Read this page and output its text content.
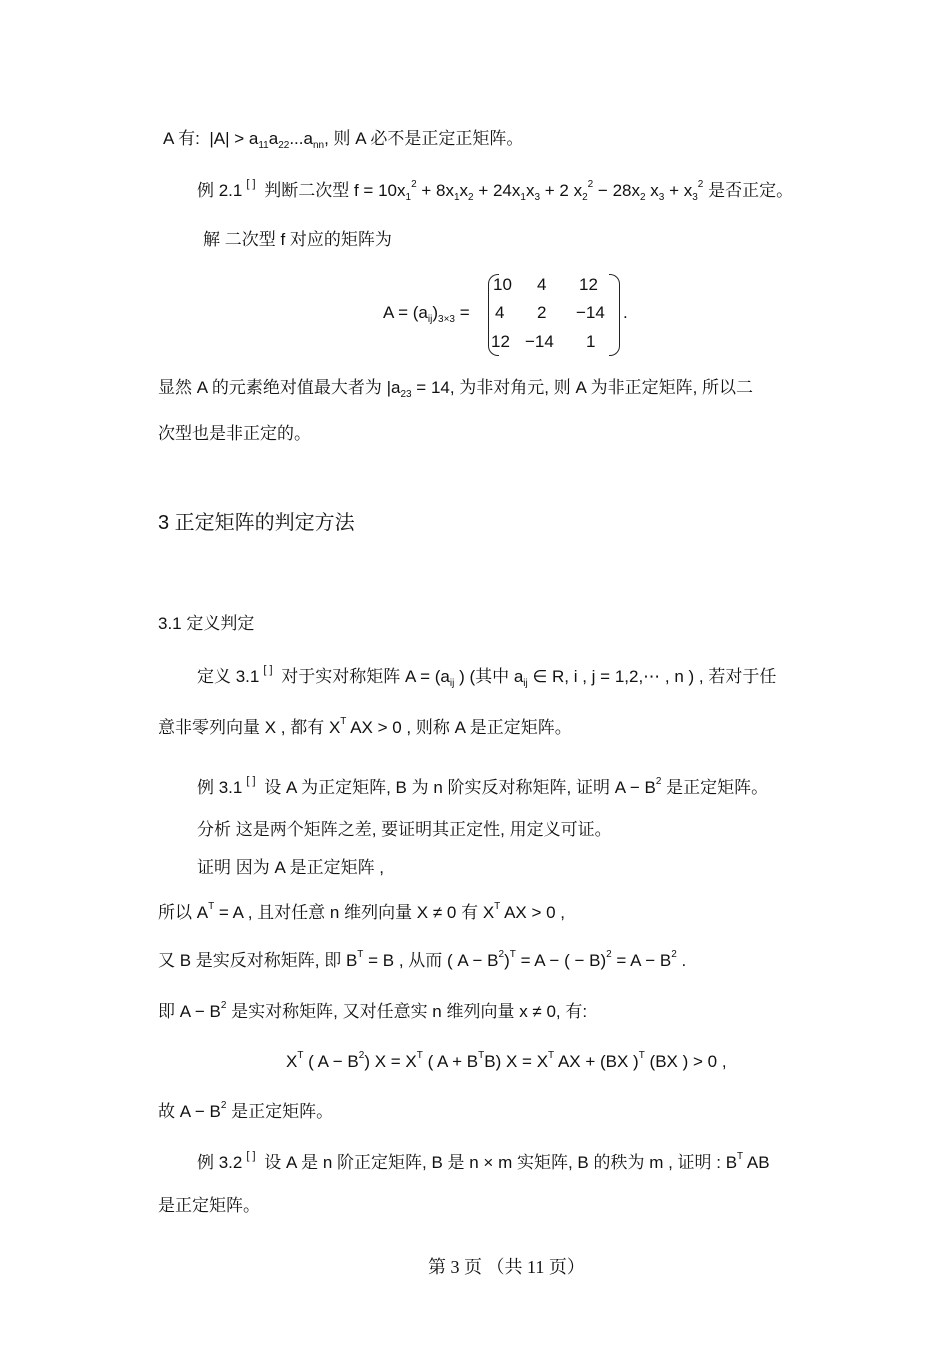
A 有: $|A| > a_{11}a_{22}...a_{nn}$, 则 A 必不是正定正矩阵。
例 2.1 [ ] 判断二次型 $f = 10x_1^2 + 8x_1x_2 + 24x_1x_3 + 2$ $x_2^2 - 28x_2$ $x_3 + x_3^2$ 是否正定。
解 二次型 f 对应的矩阵为
$A = (a_{ij})_{3\times 3}$ =
10	4	12
4	2	−14
12 −14	1
.
显然 A 的元素绝对值最大者为 $|a_{23} = 14$, 为非对角元, 则 A 为非正定矩阵, 所以二
次型也是非正定的。
3 正定矩阵的判定方法
3.1 定义判定
定义 3.1 [ ] 对于实对称矩阵 $A = (a_{ij}$ ) (其中 $a_{ij}$ ∈ R, i , j = 1,2,⋯ , n ) , 若对于任
意非零列向量 X , 都有 $X^T$ AX > 0 , 则称 A 是正定矩阵。
例 3.1 [ ] 设 A 为正定矩阵, B 为 n 阶实反对称矩阵, 证明 $A - B^2$ 是正定矩阵。
分析 这是两个矩阵之差, 要证明其正定性, 用定义可证。
证明 因为 A 是正定矩阵 ,
所以 $A^T = A$ , 且对任意 n 维列向量 X ≠ 0 有 $X^T$ AX > 0 ,
又 B 是实反对称矩阵, 即 $B^T = B$ , 从而 ( $A - B^2)^T = A$ − ( − $B)^2 = A - B^2$ .
即 $A - B^2$ 是实对称矩阵, 又对任意实 n 维列向量 x ≠ 0, 有:
$X^T$ ( $A - B^2$) $X = X^T$ ( $A + B^TB$) $X = X^T$ AX + (BX )$^T$ (BX ) > 0 ,
故 $A - B^2$ 是正定矩阵。
例 3.2 [ ] 设 A 是 n 阶正定矩阵, B 是 n × m 实矩阵, B 的秩为 m , 证明 : $B^T$ AB
是正定矩阵。
第 3 页 （共 11 页）
